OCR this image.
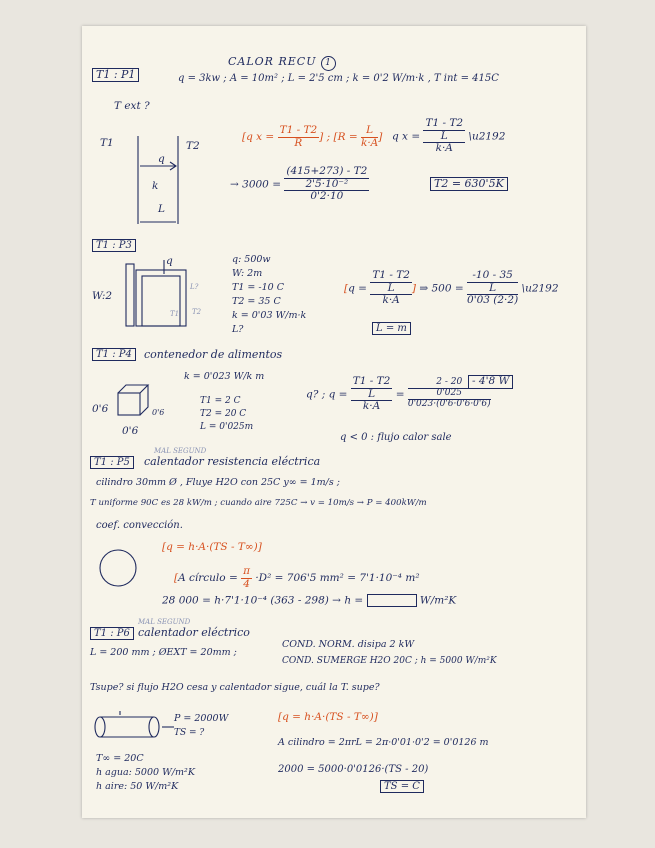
CALOR RECU 1
T1 : P1	q = 3kw ; A = 10m² ; L = 2'5 cm ; k = 0'2 W/m·k , T int = 415C
T ext ?
T1	T2
q
k
L
[q $x = \frac{T1 - T2}{R}$ ] ; [$R = \frac{L}{k\cdot A}$ ] q x =
T1 - T2
L
k·A
\u2192
→ 3000 =
(415+273) - T2
2'5·10⁻²
0'2·10
T2 = 630'5K
T1 : P3
q
W:2
L?
T1 T2
q: 500w
W: 2m
T1 = -10 C
T2 = 35 C
k = 0'03 W/m·k
L?
[q =
T1 - T2
L
k·A
] ⇒ 500 =
-10 - 35
L
0'03 (2·2)
\u2192
L = m
T1 : P4	contenedor de alimentos
k = 0'023 W/k m
0'6
0'6
0'6
T1 = 2 C
T2 = 20 C
L = 0'025m
q? ; q =
T1 - T2
L
k·A
=
2 - 20
0'025
0'023·(0'6·0'6·0'6)
- 4'8 W
q < 0 : flujo calor sale
MAL SEGUND
T1 : P5	calentador resistencia eléctrica
cilindro 30mm Ø , Fluye H2O con 25C y∞ = 1m/s ;
T uniforme 90C es 28 kW/m ; cuando aire 725C → v = 10m/s → P = 400kW/m
coef. convección.
[q = h·A·(TS - T∞)]
[A círculo = $\frac{\pi}{4} \cdot D^2 = 706'5$ mm² = 7'1·10⁻⁴ m²
28 000 = h·7'1·10⁻⁴ (363 - 298) → h =	W/m²K
MAL SEGUND
T1 : P6 calentador eléctrico
L = 200 mm ; ØEXT = 20mm ;
COND. NORM. disipa 2 kW
COND. SUMERGE H2O 20C ; h = 5000 W/m²K
Tsupe? si flujo H2O cesa y calentador sigue, cuál la T. supe?
P = 2000W
TS = ?
T∞ = 20C
h agua: 5000 W/m²K
h aire: 50 W/m²K
[q = h·A·(TS - T∞)]
A cilindro = 2πrL = 2π·0'01·0'2 = 0'0126 m
2000 = 5000·0'0126·(TS - 20)
TS = C
